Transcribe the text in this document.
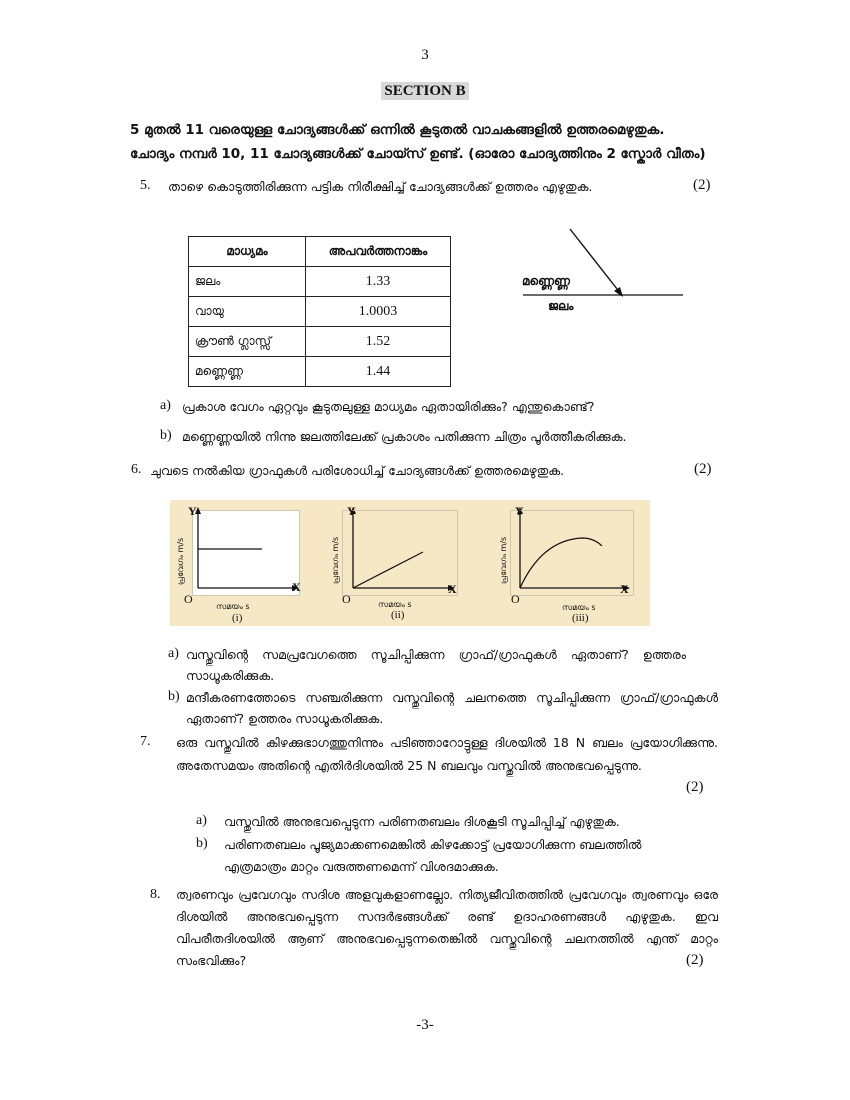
3
SECTION B
5 മുതൽ 11 വരെയുള്ള ചോദ്യങ്ങൾക്ക് ഒന്നിൽ കൂടുതൽ വാചകങ്ങളിൽ ഉത്തരമെഴുതുക.
ചോദ്യം നമ്പർ 10, 11 ചോദ്യങ്ങൾക്ക് ചോയ്സ് ഉണ്ട്. (ഓരോ ചോദ്യത്തിനും 2 സ്കോർ വീതം)
5. താഴെ കൊടുത്തിരിക്കുന്ന പട്ടിക നിരീക്ഷിച്ച് ചോദ്യങ്ങൾക്ക് ഉത്തരം എഴുതുക.	(2)
മാധ്യമം	അപവർത്തനാങ്കം
ജലം	1.33
വായു	1.0003
ക്രൗൺ ഗ്ലാസ്സ്	1.52
മണ്ണെണ്ണ	1.44
മണ്ണെണ്ണ
ജലം
a) പ്രകാശ വേഗം ഏറ്റവും കൂടുതലുള്ള മാധ്യമം ഏതായിരിക്കും? എന്തുകൊണ്ട്?
b) മണ്ണെണ്ണയിൽ നിന്നു ജലത്തിലേക്ക് പ്രകാശം പതിക്കുന്ന ചിത്രം പൂർത്തീകരിക്കുക.
6. ചുവടെ നൽകിയ ഗ്രാഫുകൾ പരിശോധിച്ച് ചോദ്യങ്ങൾക്ക് ഉത്തരമെഴുതുക.	(2)
Y
X
O
പ്രവേഗം m/s
സമയം s
(i)
Y
X
O
പ്രവേഗം m/s
സമയം s
(ii)
Y
X
O
പ്രവേഗം m/s
സമയം s
(iii)
a) വസ്തുവിന്റെ സമപ്രവേഗത്തെ സൂചിപ്പിക്കുന്ന ഗ്രാഫ്/ഗ്രാഫുകൾ ഏതാണ്? ഉത്തരം സാധൂകരിക്കുക.
b) മന്ദീകരണത്തോടെ സഞ്ചരിക്കുന്ന വസ്തുവിന്റെ ചലനത്തെ സൂചിപ്പിക്കുന്ന ഗ്രാഫ്/ഗ്രാഫുകൾ ഏതാണ്? ഉത്തരം സാധൂകരിക്കുക.
7. ഒരു വസ്തുവിൽ കിഴക്കുഭാഗത്തുനിന്നും പടിഞ്ഞാറോട്ടുള്ള ദിശയിൽ 18 N ബലം പ്രയോഗിക്കുന്നു. അതേസമയം അതിന്റെ എതിർദിശയിൽ 25 N ബലവും വസ്തുവിൽ അനുഭവപ്പെടുന്നു.
(2)
a) വസ്തുവിൽ അനുഭവപ്പെടുന്ന പരിണതബലം ദിശകൂടി സൂചിപ്പിച്ച് എഴുതുക.
b) പരിണതബലം പൂജ്യമാക്കണമെങ്കിൽ കിഴക്കോട്ട് പ്രയോഗിക്കുന്ന ബലത്തിൽ എത്രമാത്രം മാറ്റം വരുത്തണമെന്ന് വിശദമാക്കുക.
8. ത്വരണവും പ്രവേഗവും സദിശ അളവുകളാണല്ലോ. നിത്യജീവിതത്തിൽ പ്രവേഗവും ത്വരണവും ഒരേ ദിശയിൽ അനുഭവപ്പെടുന്ന സന്ദർഭങ്ങൾക്ക് രണ്ട് ഉദാഹരണങ്ങൾ എഴുതുക. ഇവ വിപരീതദിശയിൽ ആണ് അനുഭവപ്പെടുന്നതെങ്കിൽ വസ്തുവിന്റെ ചലനത്തിൽ എന്ത് മാറ്റം സംഭവിക്കും?	(2)
-3-
